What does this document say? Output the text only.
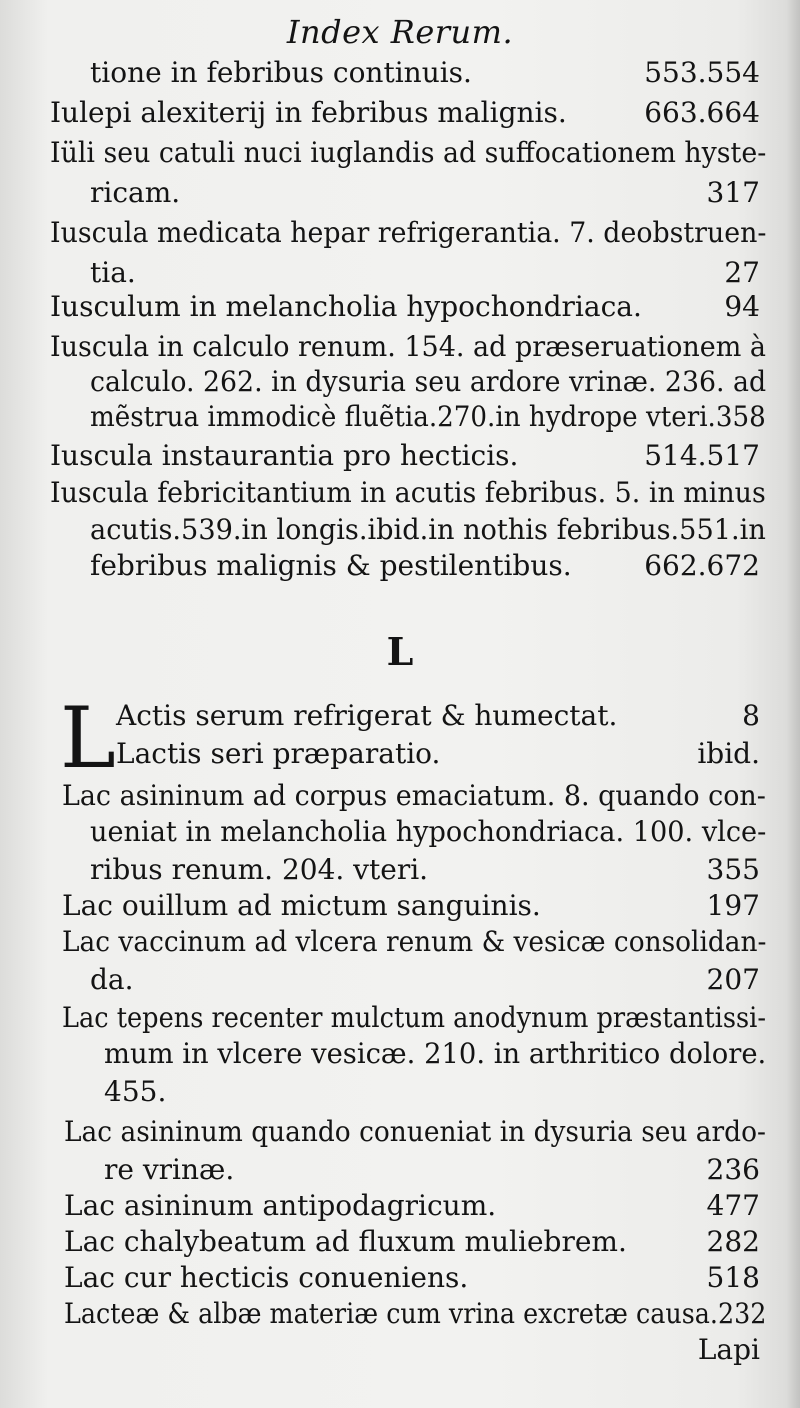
Index Rerum.
tione in febribus continuis.	553.554
Iulepi alexiterij in febribus malignis.	663.664
Iüli seu catuli nuci iuglandis ad suffocationem hyste-
ricam.	317
Iuscula medicata hepar refrigerantia. 7. deobstruen-
tia.	27
Iusculum in melancholia hypochondriaca.	94
Iuscula in calculo renum. 154. ad præseruationem à
calculo. 262. in dysuria seu ardore vrinæ. 236. ad
mẽstrua immodicè fluẽtia.270.in hydrope vteri.358
Iuscula instaurantia pro hecticis.	514.517
Iuscula febricitantium in acutis febribus. 5. in minus
acutis.539.in longis.ibid.in nothis febribus.551.in
febribus malignis & pestilentibus.	662.672
L
L Actis serum refrigerat & humectat.	8
Lactis seri præparatio.	ibid.
Lac asininum ad corpus emaciatum. 8. quando con-
ueniat in melancholia hypochondriaca. 100. vlce-
ribus renum. 204. vteri.	355
Lac ouillum ad mictum sanguinis.	197
Lac vaccinum ad vlcera renum & vesicæ consolidan-
da.	207
Lac tepens recenter mulctum anodynum præstantissi-
mum in vlcere vesicæ. 210. in arthritico dolore.
455.
Lac asininum quando conueniat in dysuria seu ardo-
re vrinæ.	236
Lac asininum antipodagricum.	477
Lac chalybeatum ad fluxum muliebrem.	282
Lac cur hecticis conueniens.	518
Lacteæ & albæ materiæ cum vrina excretæ causa.232
Lapi
